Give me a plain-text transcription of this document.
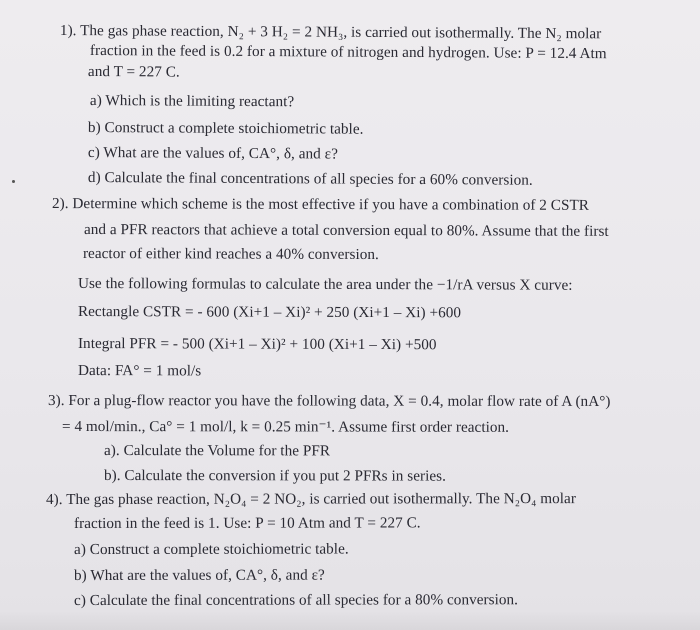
1). The gas phase reaction, N₂ + 3 H₂ = 2 NH₃, is carried out isothermally. The N₂ molar
fraction in the feed is 0.2 for a mixture of nitrogen and hydrogen. Use: P = 12.4 Atm
and T = 227 C.
a) Which is the limiting reactant?
b) Construct a complete stoichiometric table.
c) What are the values of, CA°, δ, and ε?
d) Calculate the final concentrations of all species for a 60% conversion.
2). Determine which scheme is the most effective if you have a combination of 2 CSTR
and a PFR reactors that achieve a total conversion equal to 80%. Assume that the first
reactor of either kind reaches a 40% conversion.
Use the following formulas to calculate the area under the −1/rA versus X curve:
Rectangle CSTR = - 600 (Xi+1 – Xi)² + 250 (Xi+1 – Xi) +600
Integral PFR = - 500 (Xi+1 – Xi)² + 100 (Xi+1 – Xi) +500
Data: FA° = 1 mol/s
3). For a plug-flow reactor you have the following data, X = 0.4, molar flow rate of A (nA°)
= 4 mol/min., Ca° = 1 mol/l, k = 0.25 min⁻¹. Assume first order reaction.
a). Calculate the Volume for the PFR
b). Calculate the conversion if you put 2 PFRs in series.
4). The gas phase reaction, N₂O₄ = 2 NO₂, is carried out isothermally. The N₂O₄ molar
fraction in the feed is 1. Use: P = 10 Atm and T = 227 C.
a) Construct a complete stoichiometric table.
b) What are the values of, CA°, δ, and ε?
c) Calculate the final concentrations of all species for a 80% conversion.
